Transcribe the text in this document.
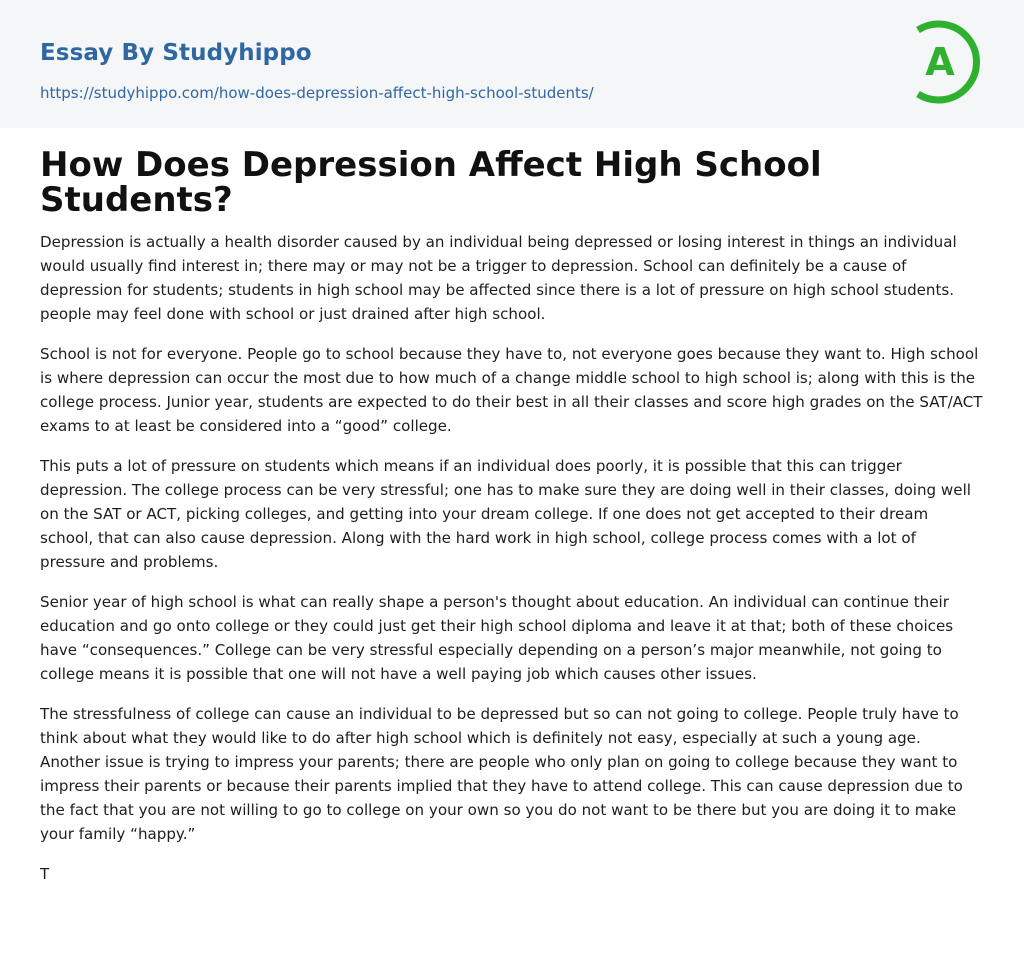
Essay By Studyhippo
https://studyhippo.com/how-does-depression-affect-high-school-students/
A
How Does Depression Affect High School Students?

Depression is actually a health disorder caused by an individual being depressed or losing interest in things an individual would usually find interest in; there may or may not be a trigger to depression. School can definitely be a cause of depression for students; students in high school may be affected since there is a lot of pressure on high school students. people may feel done with school or just drained after high school.

School is not for everyone. People go to school because they have to, not everyone goes because they want to. High school is where depression can occur the most due to how much of a change middle school to high school is; along with this is the college process. Junior year, students are expected to do their best in all their classes and score high grades on the SAT/ACT exams to at least be considered into a “good” college.

This puts a lot of pressure on students which means if an individual does poorly, it is possible that this can trigger depression. The college process can be very stressful; one has to make sure they are doing well in their classes, doing well on the SAT or ACT, picking colleges, and getting into your dream college. If one does not get accepted to their dream school, that can also cause depression. Along with the hard work in high school, college process comes with a lot of pressure and problems.

Senior year of high school is what can really shape a person's thought about education. An individual can continue their education and go onto college or they could just get their high school diploma and leave it at that; both of these choices have “consequences.” College can be very stressful especially depending on a person’s major meanwhile, not going to college means it is possible that one will not have a well paying job which causes other issues.

The stressfulness of college can cause an individual to be depressed but so can not going to college. People truly have to think about what they would like to do after high school which is definitely not easy, especially at such a young age. Another issue is trying to impress your parents; there are people who only plan on going to college because they want to impress their parents or because their parents implied that they have to attend college. This can cause depression due to the fact that you are not willing to go to college on your own so you do not want to be there but you are doing it to make your family “happy.”

T
